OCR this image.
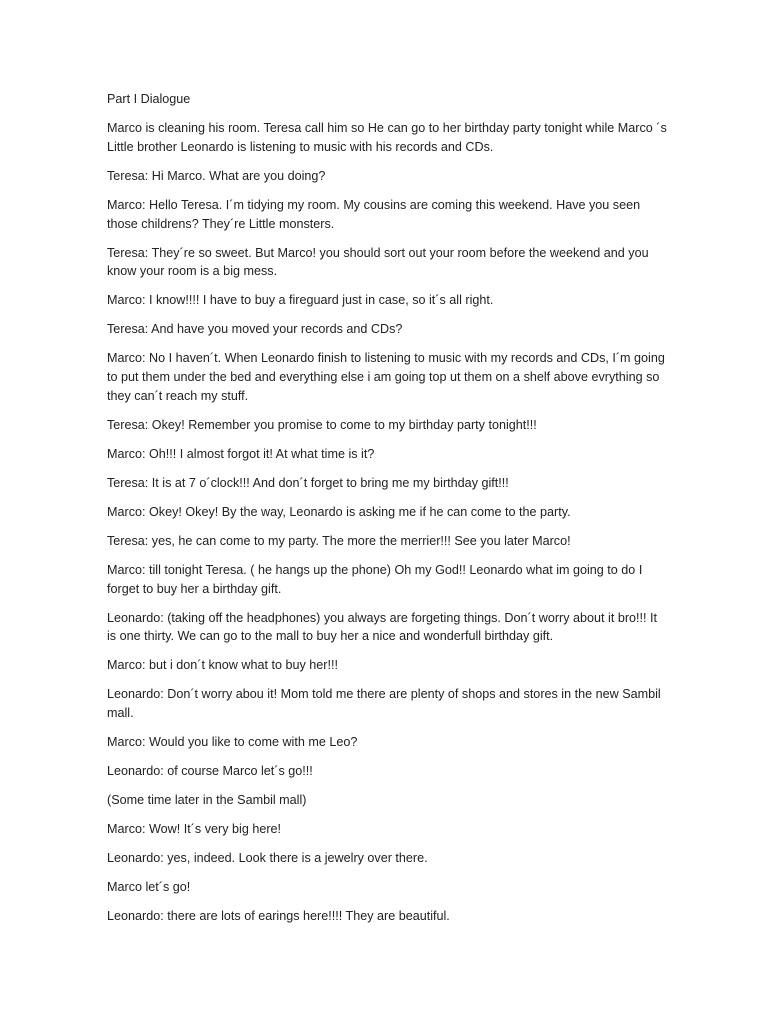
Part I Dialogue

Marco is cleaning his room. Teresa call him so He can go to her birthday party tonight while Marco ´s Little brother Leonardo is listening to music with his records and CDs.

Teresa: Hi Marco. What are you doing?

Marco: Hello Teresa. I´m tidying my room. My cousins are coming this weekend. Have you seen those childrens? They´re Little monsters.

Teresa: They´re so sweet. But Marco! you should sort out your room before the weekend and you know your room is a big mess.

Marco: I know!!!! I have to buy a fireguard just in case, so it´s all right.

Teresa: And have you moved your records and CDs?

Marco: No I haven´t. When Leonardo finish to listening to music with my records and CDs, I´m going to put them under the bed and everything else i am going top ut them on a shelf above evrything so they can´t reach my stuff.

Teresa: Okey! Remember you promise to come to my birthday party tonight!!!

Marco: Oh!!! I almost forgot it! At what time is it?

Teresa: It is at 7 o´clock!!! And don´t forget to bring me my birthday gift!!!

Marco: Okey! Okey! By the way, Leonardo is asking me if he can come to the party.

Teresa: yes, he can come to my party. The more the merrier!!! See you later Marco!

Marco: till tonight Teresa. ( he hangs up the phone) Oh my God!! Leonardo what im going to do I forget to buy her a birthday gift.

Leonardo: (taking off the headphones) you always are forgeting things. Don´t worry about it bro!!! It is one thirty. We can go to the mall to buy her a nice and wonderfull birthday gift.

Marco: but i don´t know what to buy her!!!

Leonardo: Don´t worry abou it! Mom told me there are plenty of shops and stores in the new Sambil mall.

Marco: Would you like to come with me Leo?

Leonardo: of course Marco let´s go!!!

(Some time later in the Sambil mall)

Marco: Wow! It´s very big here!

Leonardo: yes, indeed. Look there is a jewelry over there.

Marco let´s go!

Leonardo: there are lots of earings here!!!! They are beautiful.
